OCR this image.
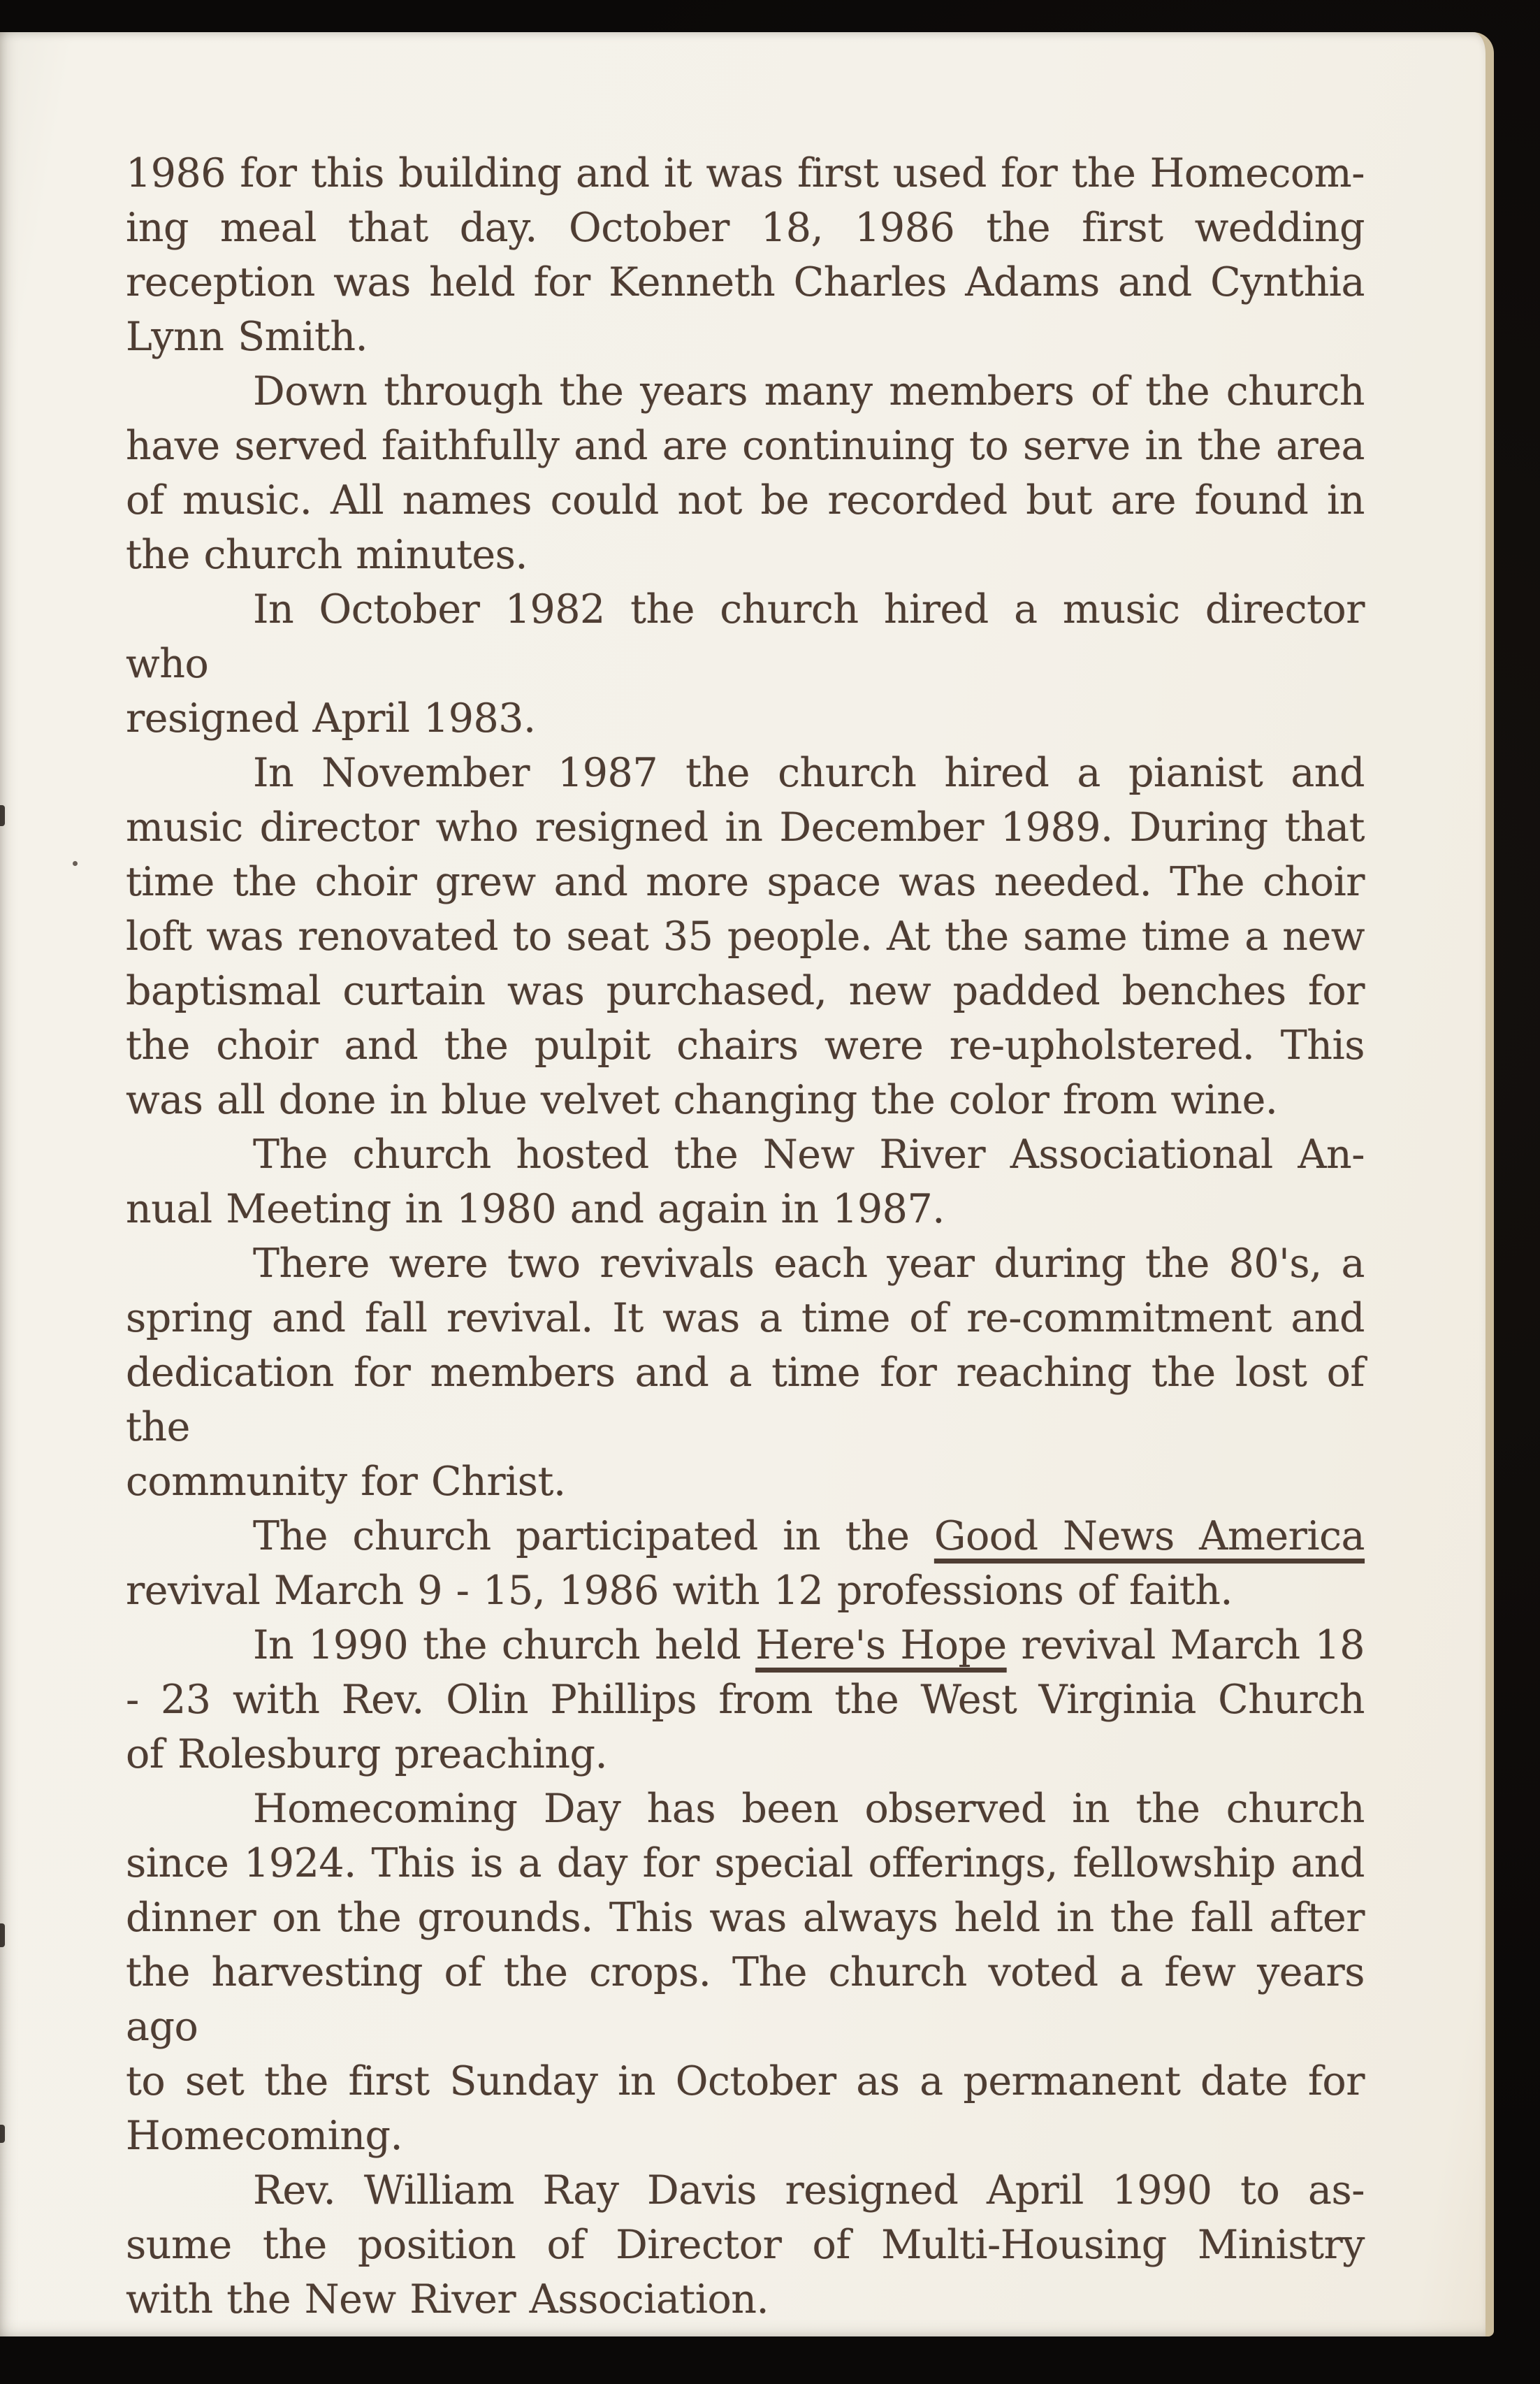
1986 for this building and it was first used for the Homecom-
ing meal that day. October 18, 1986 the first wedding
reception was held for Kenneth Charles Adams and Cynthia
Lynn Smith.
Down through the years many members of the church
have served faithfully and are continuing to serve in the area
of music. All names could not be recorded but are found in
the church minutes.
In October 1982 the church hired a music director who
resigned April 1983.
In November 1987 the church hired a pianist and
music director who resigned in December 1989. During that
time the choir grew and more space was needed. The choir
loft was renovated to seat 35 people. At the same time a new
baptismal curtain was purchased, new padded benches for
the choir and the pulpit chairs were re-upholstered. This
was all done in blue velvet changing the color from wine.
The church hosted the New River Associational An-
nual Meeting in 1980 and again in 1987.
There were two revivals each year during the 80's, a
spring and fall revival. It was a time of re-commitment and
dedication for members and a time for reaching the lost of the
community for Christ.
The church participated in the Good News America
revival March 9 - 15, 1986 with 12 professions of faith.
In 1990 the church held Here's Hope revival March 18
- 23 with Rev. Olin Phillips from the West Virginia Church
of Rolesburg preaching.
Homecoming Day has been observed in the church
since 1924. This is a day for special offerings, fellowship and
dinner on the grounds. This was always held in the fall after
the harvesting of the crops. The church voted a few years ago
to set the first Sunday in October as a permanent date for
Homecoming.
Rev. William Ray Davis resigned April 1990 to as-
sume the position of Director of Multi-Housing Ministry
with the New River Association.
